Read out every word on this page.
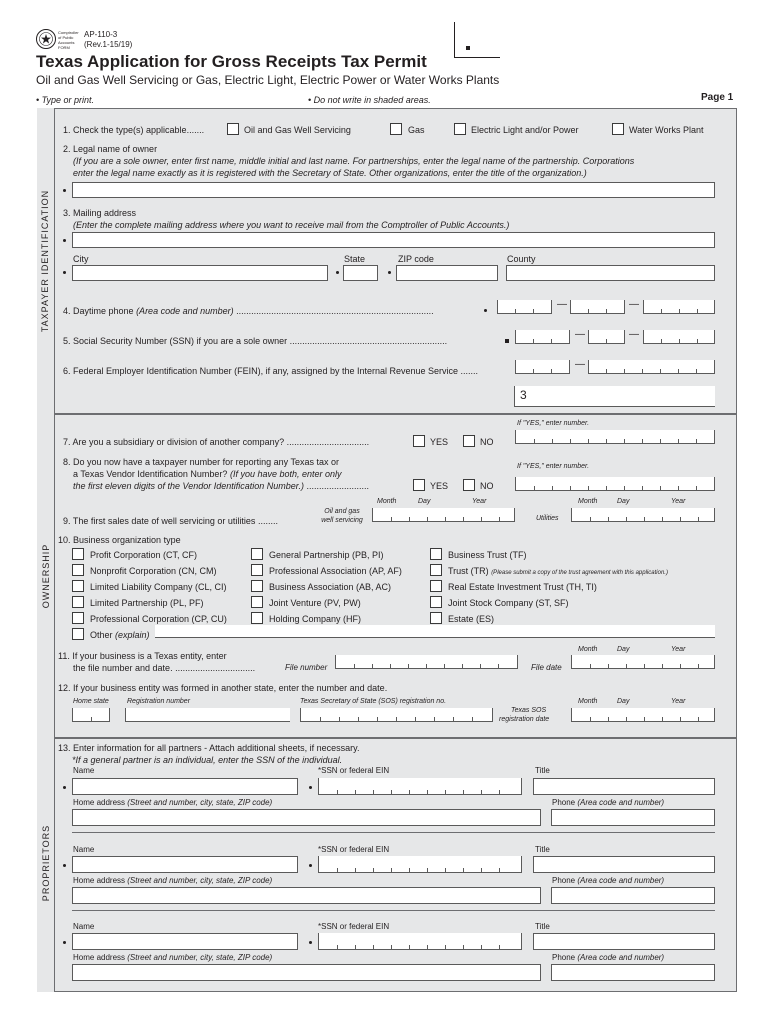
Comptroller
of Public
Accounts
FORM
AP-110-3
(Rev.1-15/19)
Texas Application for Gross Receipts Tax Permit
Oil and Gas Well Servicing or Gas, Electric Light, Electric Power or Water Works Plants
• Type or print.	• Do not write in shaded areas.	Page 1
TAXPAYER IDENTIFICATION
1. Check the type(s) applicable.......	Oil and Gas Well Servicing	Gas	Electric Light and/or Power	Water Works Plant
2. Legal name of owner
(If you are a sole owner, enter first name, middle initial and last name. For partnerships, enter the legal name of the partnership. Corporations
enter the legal name exactly as it is registered with the Secretary of State. Other organizations, enter the title of the organization.)
3. Mailing address
(Enter the complete mailing address where you want to receive mail from the Comptroller of Public Accounts.)
City	State	ZIP code	County
4. Daytime phone (Area code and number) ...............................................................................
—	—
5. Social Security Number (SSN) if you are a sole owner ...............................................................
—	—
6. Federal Employer Identification Number (FEIN), if any, assigned by the Internal Revenue Service .......
—
3
OWNERSHIP
If "YES," enter number.
7. Are you a subsidiary or division of another company? .................................	YES	NO
8. Do you now have a taxpayer number for reporting any Texas tax or
a Texas Vendor Identification Number? (If you have both, enter only
the first eleven digits of the Vendor Identification Number.) .........................	YES	NO
If "YES," enter number.
Month	Day	Year	Month	Day	Year
9. The first sales date of well servicing or utilities ........
Oil and gas
well servicing	Utilities
10. Business organization type
Profit Corporation (CT, CF)
Nonprofit Corporation (CN, CM)
Limited Liability Company (CL, CI)
Limited Partnership (PL, PF)
Professional Corporation (CP, CU)
General Partnership (PB, PI)
Professional Association (AP, AF)
Business Association (AB, AC)
Joint Venture (PV, PW)
Holding Company (HF)
Business Trust (TF)
Trust (TR) (Please submit a copy of the trust agreement with this application.)
Real Estate Investment Trust (TH, TI)
Joint Stock Company (ST, SF)
Estate (ES)
Other (explain)
Month	Day	Year
11. If your business is a Texas entity, enter
the file number and date. ................................	File number	File date
12. If your business entity was formed in another state, enter the number and date.
Home state	Registration number	Texas Secretary of State (SOS) registration no.	Month	Day	Year
Texas SOS
registration date
PROPRIETORS
13. Enter information for all partners - Attach additional sheets, if necessary.
*If a general partner is an individual, enter the SSN of the individual.
Name	*SSN or federal EIN	Title
Home address (Street and number, city, state, ZIP code)	Phone (Area code and number)
Name	*SSN or federal EIN	Title
Home address (Street and number, city, state, ZIP code)	Phone (Area code and number)
Name	*SSN or federal EIN	Title
Home address (Street and number, city, state, ZIP code)	Phone (Area code and number)
